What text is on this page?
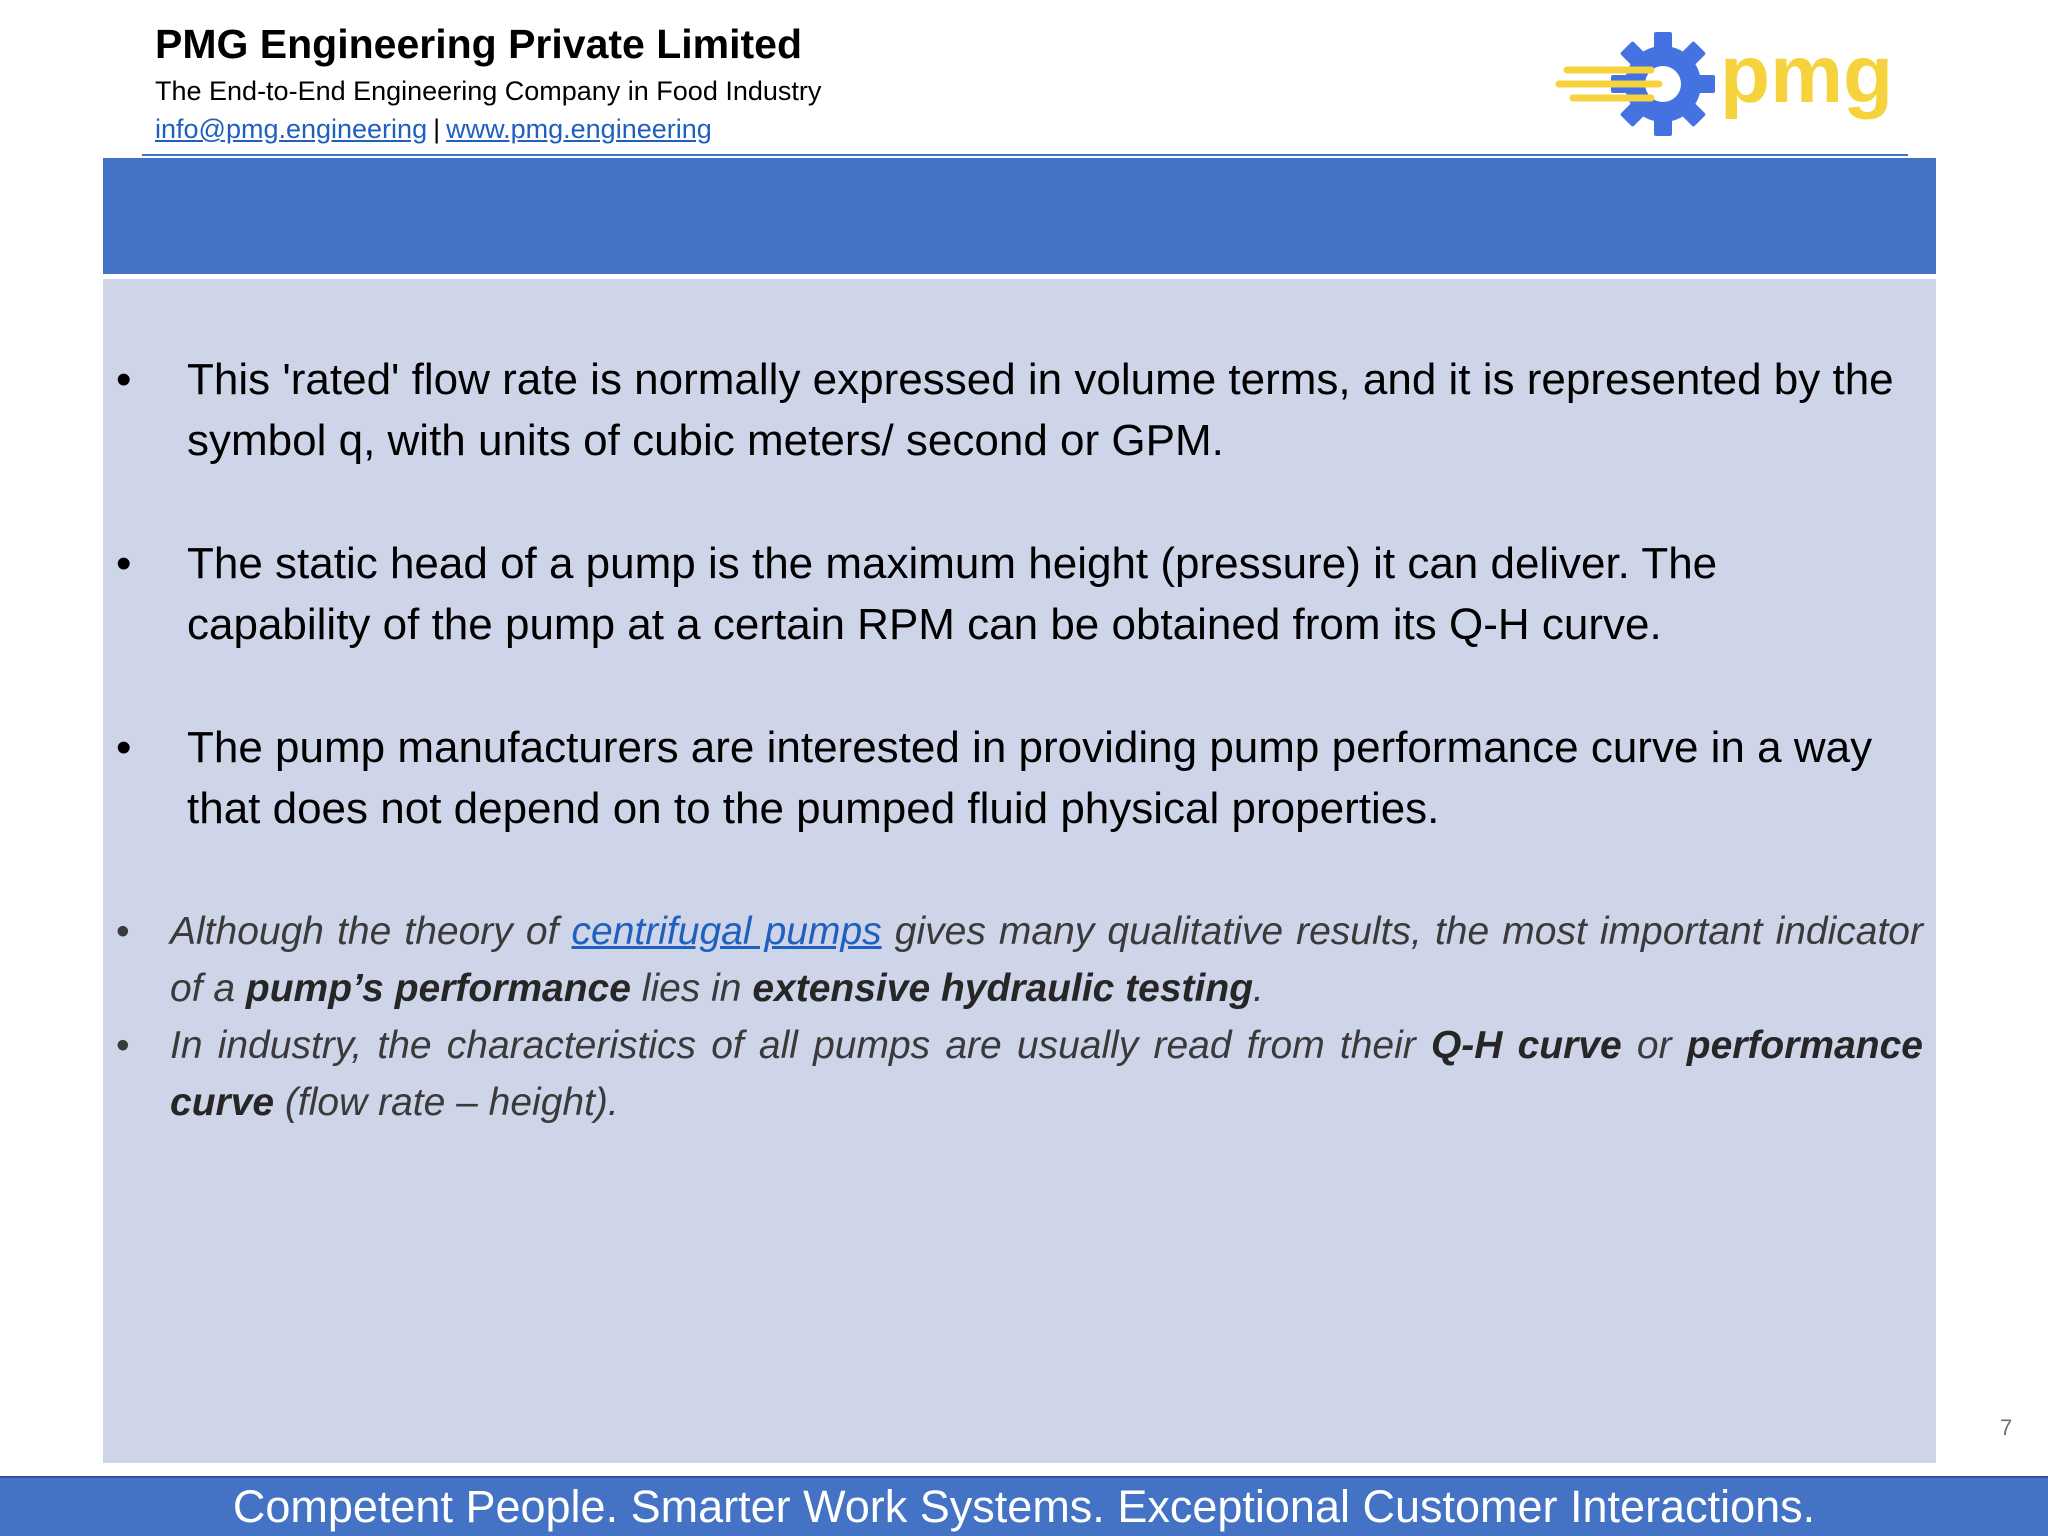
PMG Engineering Private Limited
The End-to-End Engineering Company in Food Industry
info@pmg.engineering | www.pmg.engineering
pmg
• This 'rated' flow rate is normally expressed in volume terms, and it is represented by the symbol q, with units of cubic meters/ second or GPM.
• The static head of a pump is the maximum height (pressure) it can deliver. The capability of the pump at a certain RPM can be obtained from its Q-H curve.
• The pump manufacturers are interested in providing pump performance curve in a way that does not depend on to the pumped fluid physical properties.
• Although the theory of centrifugal pumps gives many qualitative results, the most important indicator of a pump’s performance lies in extensive hydraulic testing.
• In industry, the characteristics of all pumps are usually read from their Q-H curve or performance curve (flow rate – height).
7
Competent People. Smarter Work Systems. Exceptional Customer Interactions.
